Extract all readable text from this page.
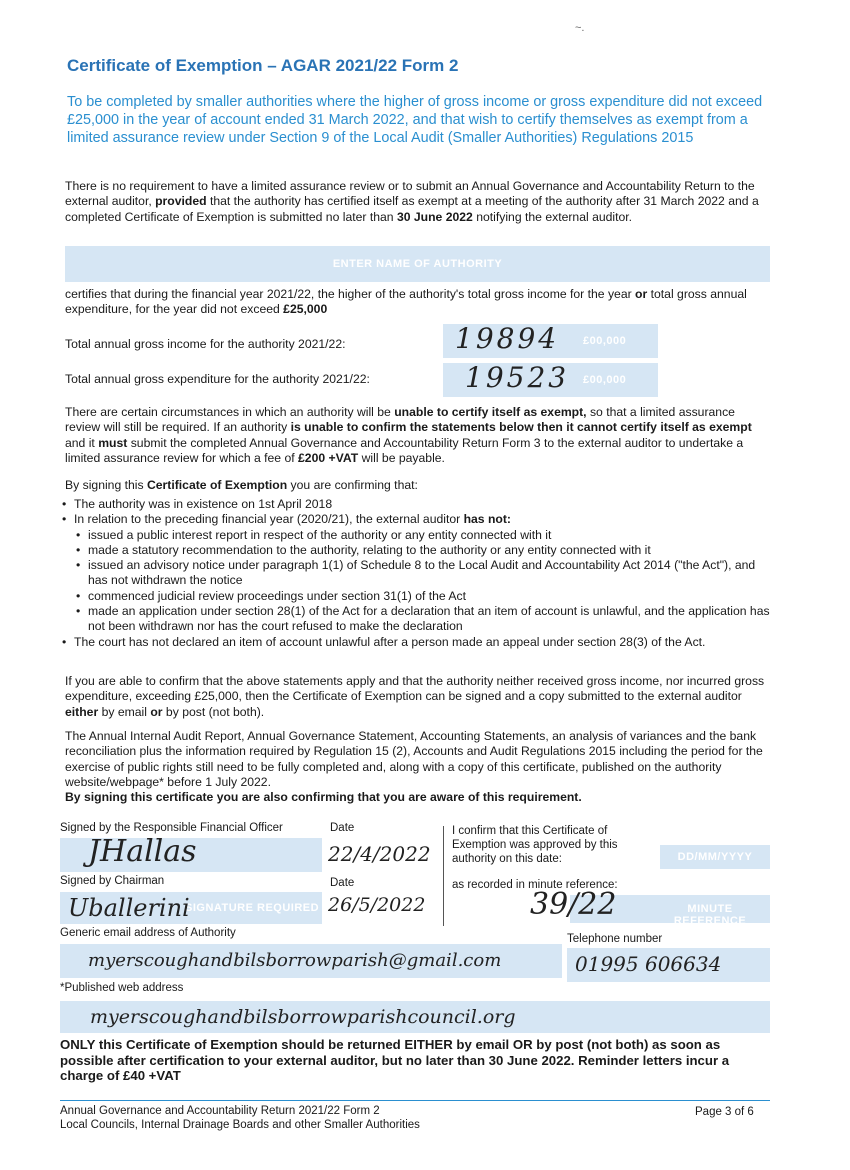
~.
Certificate of Exemption – AGAR 2021/22 Form 2
To be completed by smaller authorities where the higher of gross income or gross expenditure did not exceed £25,000 in the year of account ended 31 March 2022, and that wish to certify themselves as exempt from a limited assurance review under Section 9 of the Local Audit (Smaller Authorities) Regulations 2015
There is no requirement to have a limited assurance review or to submit an Annual Governance and Accountability Return to the external auditor, provided that the authority has certified itself as exempt at a meeting of the authority after 31 March 2022 and a completed Certificate of Exemption is submitted no later than 30 June 2022 notifying the external auditor.
ENTER NAME OF AUTHORITY
certifies that during the financial year 2021/22, the higher of the authority's total gross income for the year or total gross annual expenditure, for the year did not exceed £25,000
Total annual gross income for the authority 2021/22:	£00,000
19894
Total annual gross expenditure for the authority 2021/22:	£00,000
19523
There are certain circumstances in which an authority will be unable to certify itself as exempt, so that a limited assurance review will still be required. If an authority is unable to confirm the statements below then it cannot certify itself as exempt and it must submit the completed Annual Governance and Accountability Return Form 3 to the external auditor to undertake a limited assurance review for which a fee of £200 +VAT will be payable.
By signing this Certificate of Exemption you are confirming that:
• The authority was in existence on 1st April 2018
• In relation to the preceding financial year (2020/21), the external auditor has not:
• issued a public interest report in respect of the authority or any entity connected with it
• made a statutory recommendation to the authority, relating to the authority or any entity connected with it
• issued an advisory notice under paragraph 1(1) of Schedule 8 to the Local Audit and Accountability Act 2014 ("the Act"), and has not withdrawn the notice
• commenced judicial review proceedings under section 31(1) of the Act
• made an application under section 28(1) of the Act for a declaration that an item of account is unlawful, and the application has not been withdrawn nor has the court refused to make the declaration
• The court has not declared an item of account unlawful after a person made an appeal under section 28(3) of the Act.
If you are able to confirm that the above statements apply and that the authority neither received gross income, nor incurred gross expenditure, exceeding £25,000, then the Certificate of Exemption can be signed and a copy submitted to the external auditor either by email or by post (not both).
The Annual Internal Audit Report, Annual Governance Statement, Accounting Statements, an analysis of variances and the bank reconciliation plus the information required by Regulation 15 (2), Accounts and Audit Regulations 2015 including the period for the exercise of public rights still need to be fully completed and, along with a copy of this certificate, published on the authority website/webpage* before 1 July 2022.
By signing this certificate you are also confirming that you are aware of this requirement.
Signed by the Responsible Financial Officer	Date	I confirm that this Certificate of Exemption was approved by this authority on this date:
JHallas	22/4/2022	DD/MM/YYYY
Signed by Chairman	Date	as recorded in minute reference:
SIGNATURE REQUIRED
Uballerini	26/5/2022	MINUTE REFERENCE
39/22
Generic email address of Authority	Telephone number
myerscoughandbilsborrowparish@gmail.com	01995 606634
*Published web address
myerscoughandbilsborrowparishcouncil.org
ONLY this Certificate of Exemption should be returned EITHER by email OR by post (not both) as soon as possible after certification to your external auditor, but no later than 30 June 2022. Reminder letters incur a charge of £40 +VAT
Annual Governance and Accountability Return 2021/22 Form 2
Local Councils, Internal Drainage Boards and other Smaller Authorities
Page 3 of 6
